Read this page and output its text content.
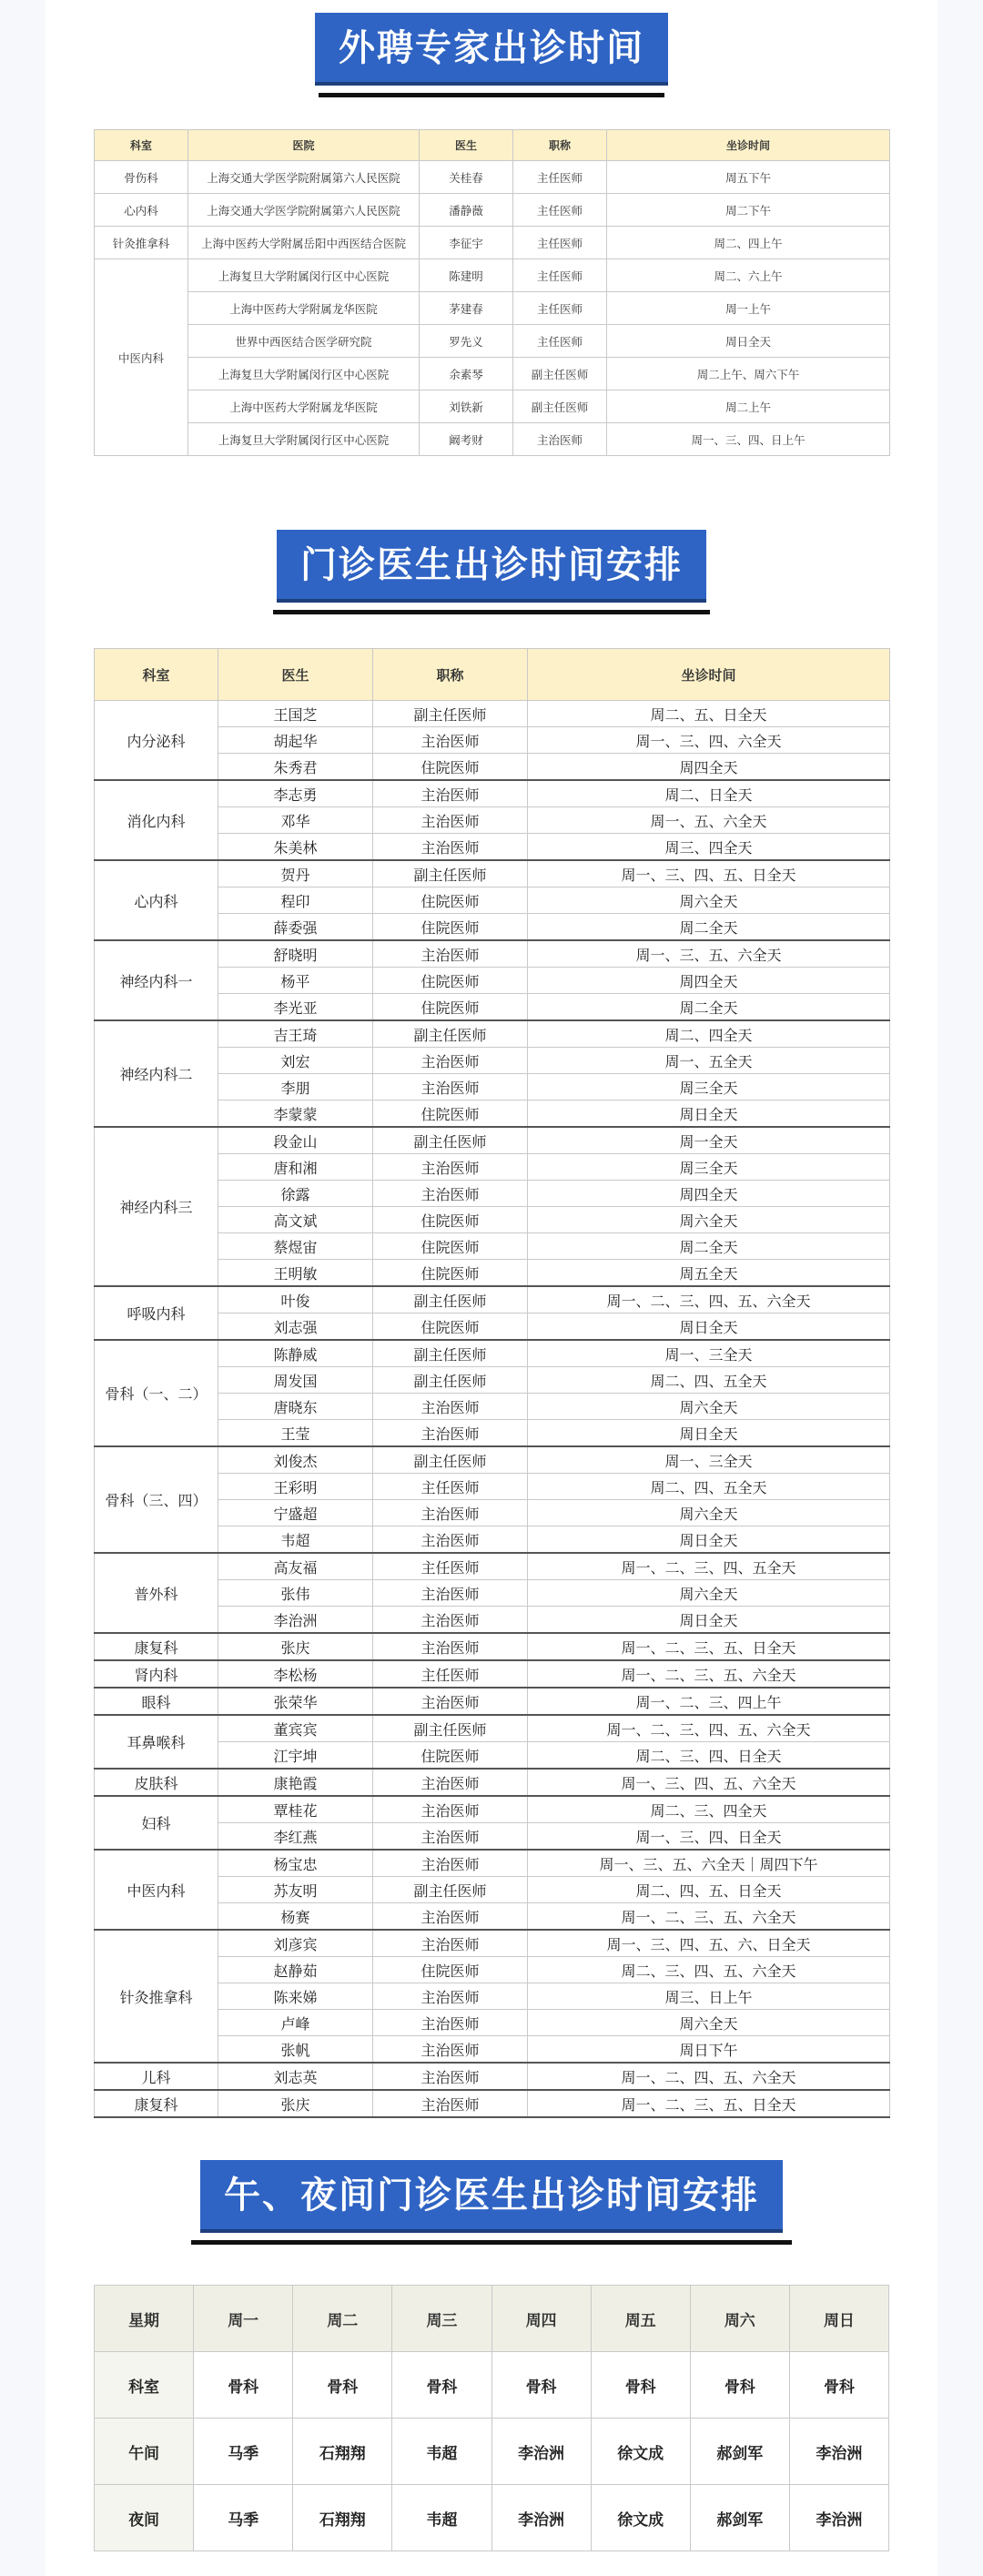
外聘专家出诊时间
科室	医院	医生	职称	坐诊时间
骨伤科	上海交通大学医学院附属第六人民医院	关桂春	主任医师	周五下午
心内科	上海交通大学医学院附属第六人民医院	潘静薇	主任医师	周二下午
针灸推拿科	上海中医药大学附属岳阳中西医结合医院	李征宇	主任医师	周二、四上午
中医内科	上海复旦大学附属闵行区中心医院	陈建明	主任医师	周二、六上午
	上海中医药大学附属龙华医院	茅建春	主任医师	周一上午
	世界中西医结合医学研究院	罗先义	主任医师	周日全天
	上海复旦大学附属闵行区中心医院	余素琴	副主任医师	周二上午、周六下午
	上海中医药大学附属龙华医院	刘铁新	副主任医师	周二上午
	上海复旦大学附属闵行区中心医院	阚考财	主治医师	周一、三、四、日上午
门诊医生出诊时间安排
科室	医生	职称	坐诊时间
内分泌科	王国芝	副主任医师	周二、五、日全天
	胡起华	主治医师	周一、三、四、六全天
	朱秀君	住院医师	周四全天
消化内科	李志勇	主治医师	周二、日全天
	邓华	主治医师	周一、五、六全天
	朱美林	主治医师	周三、四全天
心内科	贺丹	副主任医师	周一、三、四、五、日全天
	程印	住院医师	周六全天
	薛委强	住院医师	周二全天
神经内科一	舒晓明	主治医师	周一、三、五、六全天
	杨平	住院医师	周四全天
	李光亚	住院医师	周二全天
神经内科二	吉王琦	副主任医师	周二、四全天
	刘宏	主治医师	周一、五全天
	李朋	主治医师	周三全天
	李蒙蒙	住院医师	周日全天
神经内科三	段金山	副主任医师	周一全天
	唐和湘	主治医师	周三全天
	徐露	主治医师	周四全天
	高文斌	住院医师	周六全天
	蔡煜宙	住院医师	周二全天
	王明敏	住院医师	周五全天
呼吸内科	叶俊	副主任医师	周一、二、三、四、五、六全天
	刘志强	住院医师	周日全天
骨科（一、二）	陈静威	副主任医师	周一、三全天
	周发国	副主任医师	周二、四、五全天
	唐晓东	主治医师	周六全天
	王莹	主治医师	周日全天
骨科（三、四）	刘俊杰	副主任医师	周一、三全天
	王彩明	主任医师	周二、四、五全天
	宁盛超	主治医师	周六全天
	韦超	主治医师	周日全天
普外科	高友福	主任医师	周一、二、三、四、五全天
	张伟	主治医师	周六全天
	李治洲	主治医师	周日全天
康复科	张庆	主治医师	周一、二、三、五、日全天
肾内科	李松杨	主任医师	周一、二、三、五、六全天
眼科	张荣华	主治医师	周一、二、三、四上午
耳鼻喉科	董宾宾	副主任医师	周一、二、三、四、五、六全天
	江宇坤	住院医师	周二、三、四、日全天
皮肤科	康艳霞	主治医师	周一、三、四、五、六全天
妇科	覃桂花	主治医师	周二、三、四全天
	李红燕	主治医师	周一、三、四、日全天
中医内科	杨宝忠	主治医师	周一、三、五、六全天｜周四下午
	苏友明	副主任医师	周二、四、五、日全天
	杨赛	主治医师	周一、二、三、五、六全天
针灸推拿科	刘彦宾	主治医师	周一、三、四、五、六、日全天
	赵静茹	住院医师	周二、三、四、五、六全天
	陈来娣	主治医师	周三、日上午
	卢峰	主治医师	周六全天
	张帆	主治医师	周日下午
儿科	刘志英	主治医师	周一、二、四、五、六全天
康复科	张庆	主治医师	周一、二、三、五、日全天
午、夜间门诊医生出诊时间安排
星期	周一	周二	周三	周四	周五	周六	周日
科室	骨科	骨科	骨科	骨科	骨科	骨科	骨科
午间	马季	石翔翔	韦超	李治洲	徐文成	郝剑军	李治洲
夜间	马季	石翔翔	韦超	李治洲	徐文成	郝剑军	李治洲
